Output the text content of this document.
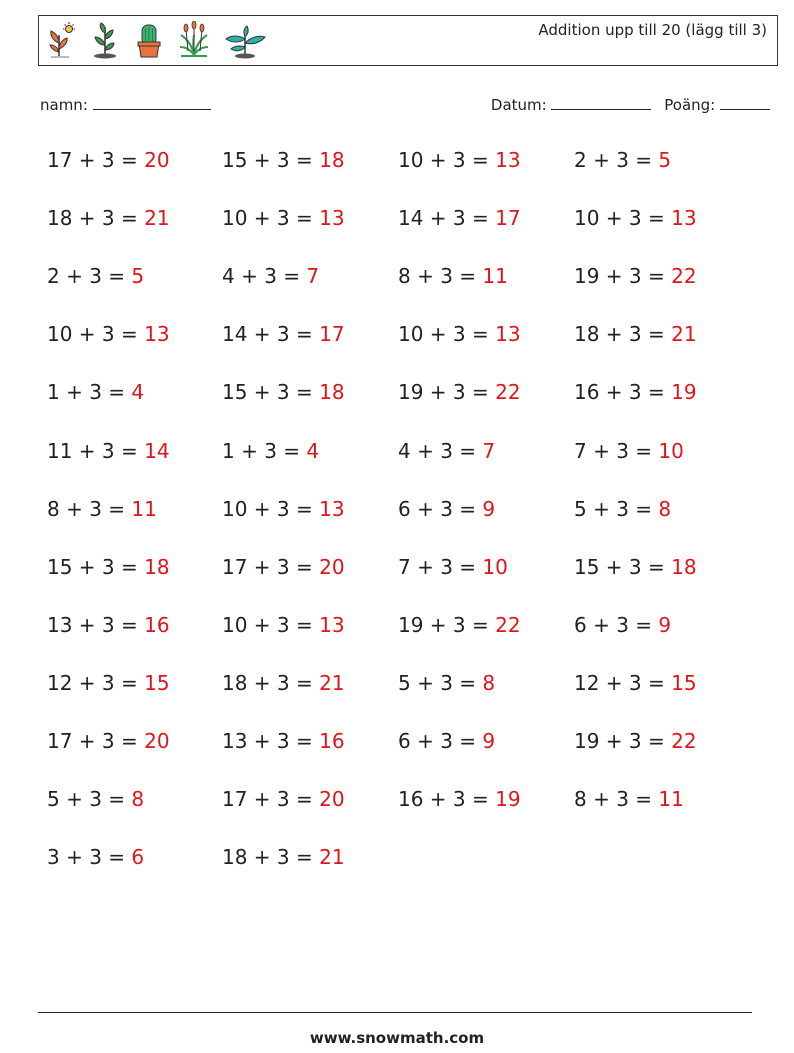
Addition upp till 20 (lägg till 3)
namn:	Datum:	Poäng:
17 + 3 = 20	15 + 3 = 18	10 + 3 = 13	2 + 3 = 5
18 + 3 = 21	10 + 3 = 13	14 + 3 = 17	10 + 3 = 13
2 + 3 = 5	4 + 3 = 7	8 + 3 = 11	19 + 3 = 22
10 + 3 = 13	14 + 3 = 17	10 + 3 = 13	18 + 3 = 21
1 + 3 = 4	15 + 3 = 18	19 + 3 = 22	16 + 3 = 19
11 + 3 = 14	1 + 3 = 4	4 + 3 = 7	7 + 3 = 10
8 + 3 = 11	10 + 3 = 13	6 + 3 = 9	5 + 3 = 8
15 + 3 = 18	17 + 3 = 20	7 + 3 = 10	15 + 3 = 18
13 + 3 = 16	10 + 3 = 13	19 + 3 = 22	6 + 3 = 9
12 + 3 = 15	18 + 3 = 21	5 + 3 = 8	12 + 3 = 15
17 + 3 = 20	13 + 3 = 16	6 + 3 = 9	19 + 3 = 22
5 + 3 = 8	17 + 3 = 20	16 + 3 = 19	8 + 3 = 11
3 + 3 = 6	18 + 3 = 21
www.snowmath.com
